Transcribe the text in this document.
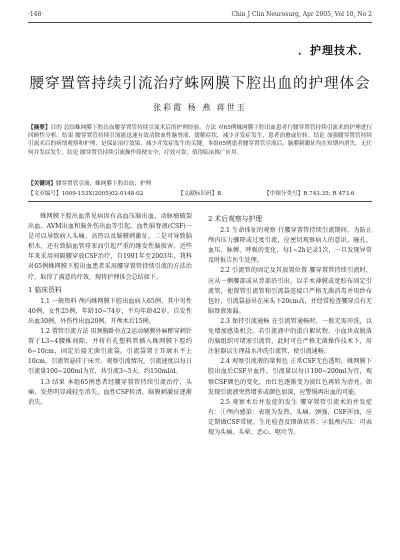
·148·	Chin J Clin Neurosurg, Apr 2005, Vol 10, No 2
．护理技术．
腰穿置管持续引流治疗蛛网膜下腔出血的护理体会
张彩霞 杨 燕 蒋世玉
【摘要】目的 总结蛛网膜下腔出血腰穿置管持续引流术后的护理经验。方法 对65例蛛网膜下腔出血患者行腰穿置管持续引流术的护理进行回顾性分析。结果 腰穿置管持续引流能迅速有效清除血性脑脊液，缓解症状，减少并发症发生，患者治愈或好转。结论 加强腰穿置管持续引流术后的病情观察和护理，是保证治疗效果、减少并发症发生的关键。本组65例患者腰穿置管引流后，脑膜刺激征均在短期内消失，无任何并发症发生。结论 腰穿置管持续引流操作简便安全，疗效可靠，值得临床推广应用。
【关键词】腰穿置管引流；蛛网膜下腔出血；护理
【文章编号】1009-153X(2005)02-0148-02	【文献标识码】B	【中图分类号】R 743.35; R 473.6

蛛网膜下腔出血常见病因有高血压脑出血、动脉瘤破裂出血、AVM出血和脑外伤出血等引起。血性脑脊液(CSF)一是可以导致病人头痛、高热以及脑膜刺激征，二是可导致脑积水，还有致脑血管痉挛而引起严重的继发性脑损害。近些年来采用间隔腰穿放CSF治疗，自1991年至2003年，我科对65例蛛网膜下腔出血患者采用腰穿置管持续引流的方法治疗，取得了满意的疗效，现将护理体会总结如下。

1 临床资料

1.1 一般资料 颅内蛛网膜下腔出血病人65例，其中男性40例，女性25例，年龄10~74岁，平均年龄42岁。自发性出血30例，外伤性出血20例，开颅术后15例。

1.2 置管引流方法 用颈胸卧位在2运动硬膜外麻醉穿刺针置于L3~4腰椎间隙，并将有孔塑料管插入蛛网膜下腔约6~10cm，固定后接无菌引流袋。引流袋置于耳廓水平上10cm，引流管悬挂于床旁。观察引流情况，引流速度以每日引流量100~200ml为宜，共引流3~5天，约150ml/d。

1.3 结果 本组65例患者经腰穿置管持续引流治疗，头痛、发热明显减轻至消失，血性CSF转清，脑膜刺激征逐渐消失。

2 术后观察与护理

2.1 生命体征的观察 行腰穿置管持续引流期间，为防止颅内压力骤降或过度引流，应密切观察病人的意识、瞳孔、血压、脉搏、呼吸的变化，每1~2h记录1次，一旦发现异常及时报告医生处理。

2.2 引流管的固定及其放置位置 腰穿置管持续引流时，应从一侧腰部或从背部沿引出，以手术薄膜或宽胶布固定引流管，使置管引流管和引流袋连接口严格无菌消毒并用纱布包好，引流袋悬吊在床头下20cm高，并经常检查腰穿点有无脑脊液渗漏。

2.3 保持引流通畅 在引流管通畅时，一般无需冲洗，以免增加感染机会。若引流液中的蛋白絮状物、小血块或脱落的脑组织可堵塞引流管，此时可在严格无菌操作技术下，用注射器以生理盐水冲洗引流管，使引流通畅。

2.4 观察引流液的量和色 正常CSF无色透明，蛛网膜下腔出血后CSF呈血性。引流量以每日100~200ml为宜，观察CSF颜色的变化，由红色逐渐变为淡红色再转为清亮。如发现引流液突然增多或颜色加深，应警惕再出血的可能。

2.5 观察术后并发症的发生 腰穿置管引流术的并发症有：①颅内感染：表现为发热、头痛、颈强、CSF浑浊，应定期做CSF常规、生化检查及细菌培养；②低颅内压：可表现为头痛、头晕、恶心、呕吐等。
